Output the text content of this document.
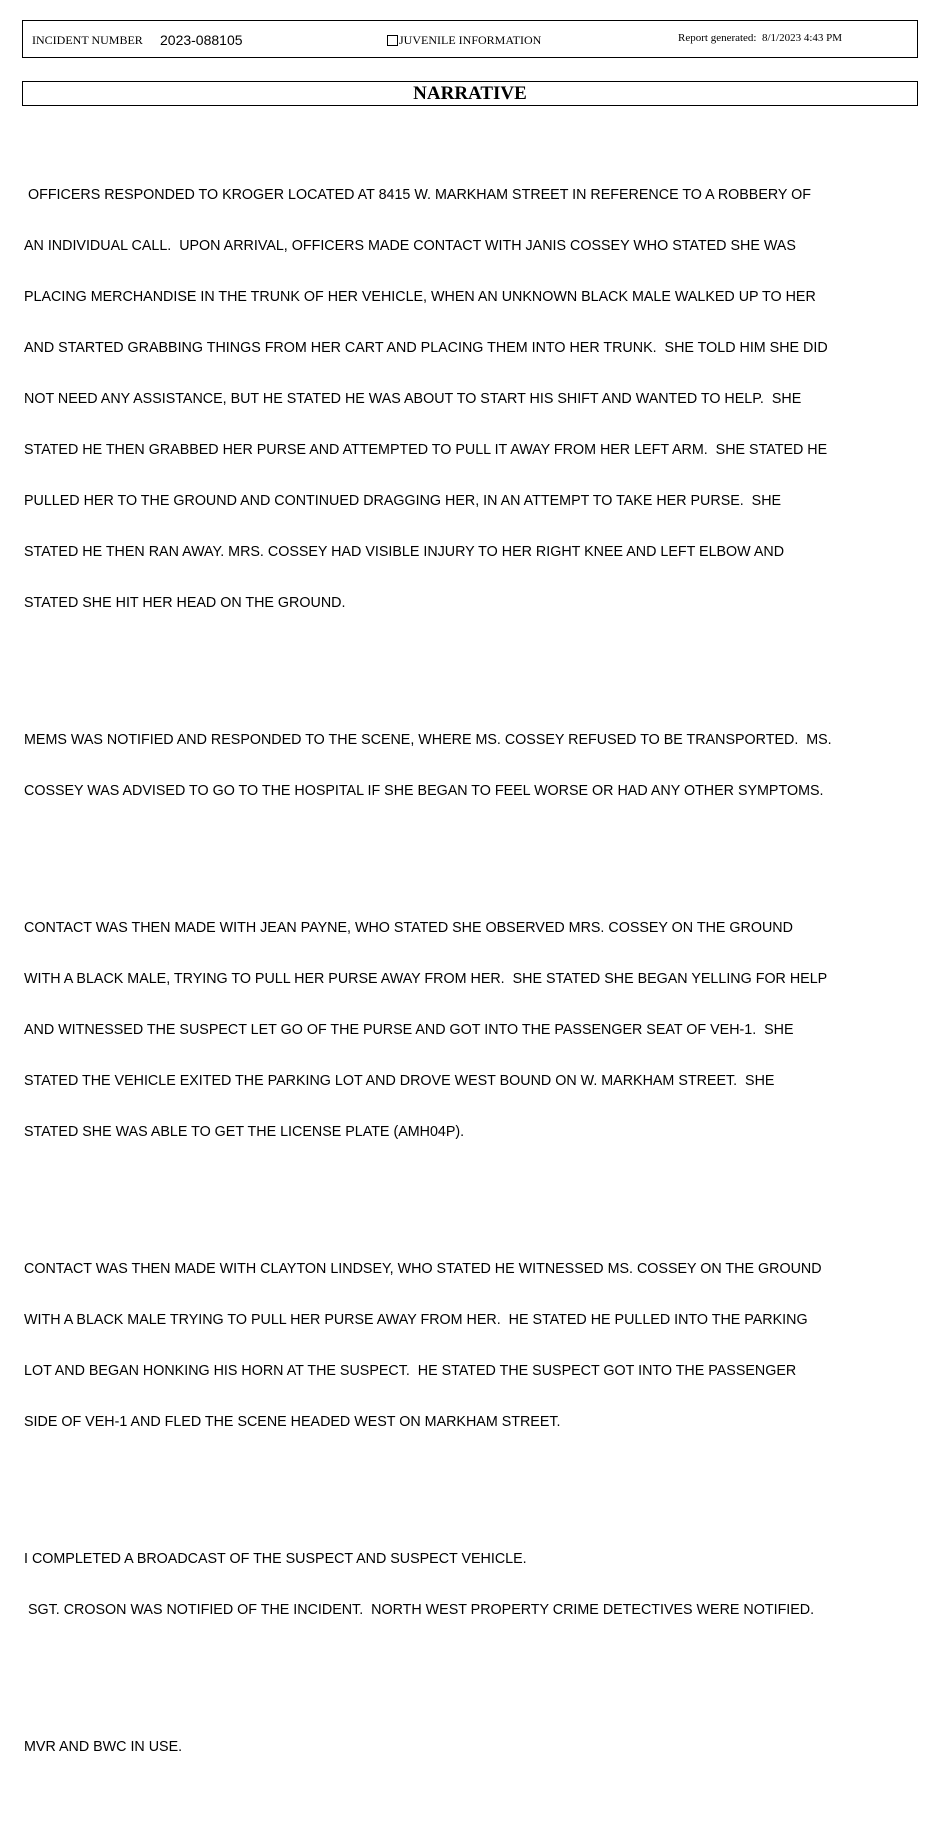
INCIDENT NUMBER 2023-088105	JUVENILE INFORMATION	Report generated: 8/1/2023 4:43 PM
NARRATIVE

OFFICERS RESPONDED TO KROGER LOCATED AT 8415 W. MARKHAM STREET IN REFERENCE TO A ROBBERY OF

AN INDIVIDUAL CALL.  UPON ARRIVAL, OFFICERS MADE CONTACT WITH JANIS COSSEY WHO STATED SHE WAS

PLACING MERCHANDISE IN THE TRUNK OF HER VEHICLE, WHEN AN UNKNOWN BLACK MALE WALKED UP TO HER

AND STARTED GRABBING THINGS FROM HER CART AND PLACING THEM INTO HER TRUNK.  SHE TOLD HIM SHE DID

NOT NEED ANY ASSISTANCE, BUT HE STATED HE WAS ABOUT TO START HIS SHIFT AND WANTED TO HELP.  SHE

STATED HE THEN GRABBED HER PURSE AND ATTEMPTED TO PULL IT AWAY FROM HER LEFT ARM.  SHE STATED HE

PULLED HER TO THE GROUND AND CONTINUED DRAGGING HER, IN AN ATTEMPT TO TAKE HER PURSE.  SHE

STATED HE THEN RAN AWAY. MRS. COSSEY HAD VISIBLE INJURY TO HER RIGHT KNEE AND LEFT ELBOW AND

STATED SHE HIT HER HEAD ON THE GROUND.

MEMS WAS NOTIFIED AND RESPONDED TO THE SCENE, WHERE MS. COSSEY REFUSED TO BE TRANSPORTED.  MS.

COSSEY WAS ADVISED TO GO TO THE HOSPITAL IF SHE BEGAN TO FEEL WORSE OR HAD ANY OTHER SYMPTOMS.

CONTACT WAS THEN MADE WITH JEAN PAYNE, WHO STATED SHE OBSERVED MRS. COSSEY ON THE GROUND

WITH A BLACK MALE, TRYING TO PULL HER PURSE AWAY FROM HER.  SHE STATED SHE BEGAN YELLING FOR HELP

AND WITNESSED THE SUSPECT LET GO OF THE PURSE AND GOT INTO THE PASSENGER SEAT OF VEH-1.  SHE

STATED THE VEHICLE EXITED THE PARKING LOT AND DROVE WEST BOUND ON W. MARKHAM STREET.  SHE

STATED SHE WAS ABLE TO GET THE LICENSE PLATE (AMH04P).

CONTACT WAS THEN MADE WITH CLAYTON LINDSEY, WHO STATED HE WITNESSED MS. COSSEY ON THE GROUND

WITH A BLACK MALE TRYING TO PULL HER PURSE AWAY FROM HER.  HE STATED HE PULLED INTO THE PARKING

LOT AND BEGAN HONKING HIS HORN AT THE SUSPECT.  HE STATED THE SUSPECT GOT INTO THE PASSENGER

SIDE OF VEH-1 AND FLED THE SCENE HEADED WEST ON MARKHAM STREET.

I COMPLETED A BROADCAST OF THE SUSPECT AND SUSPECT VEHICLE.

SGT. CROSON WAS NOTIFIED OF THE INCIDENT.  NORTH WEST PROPERTY CRIME DETECTIVES WERE NOTIFIED.

MVR AND BWC IN USE.
